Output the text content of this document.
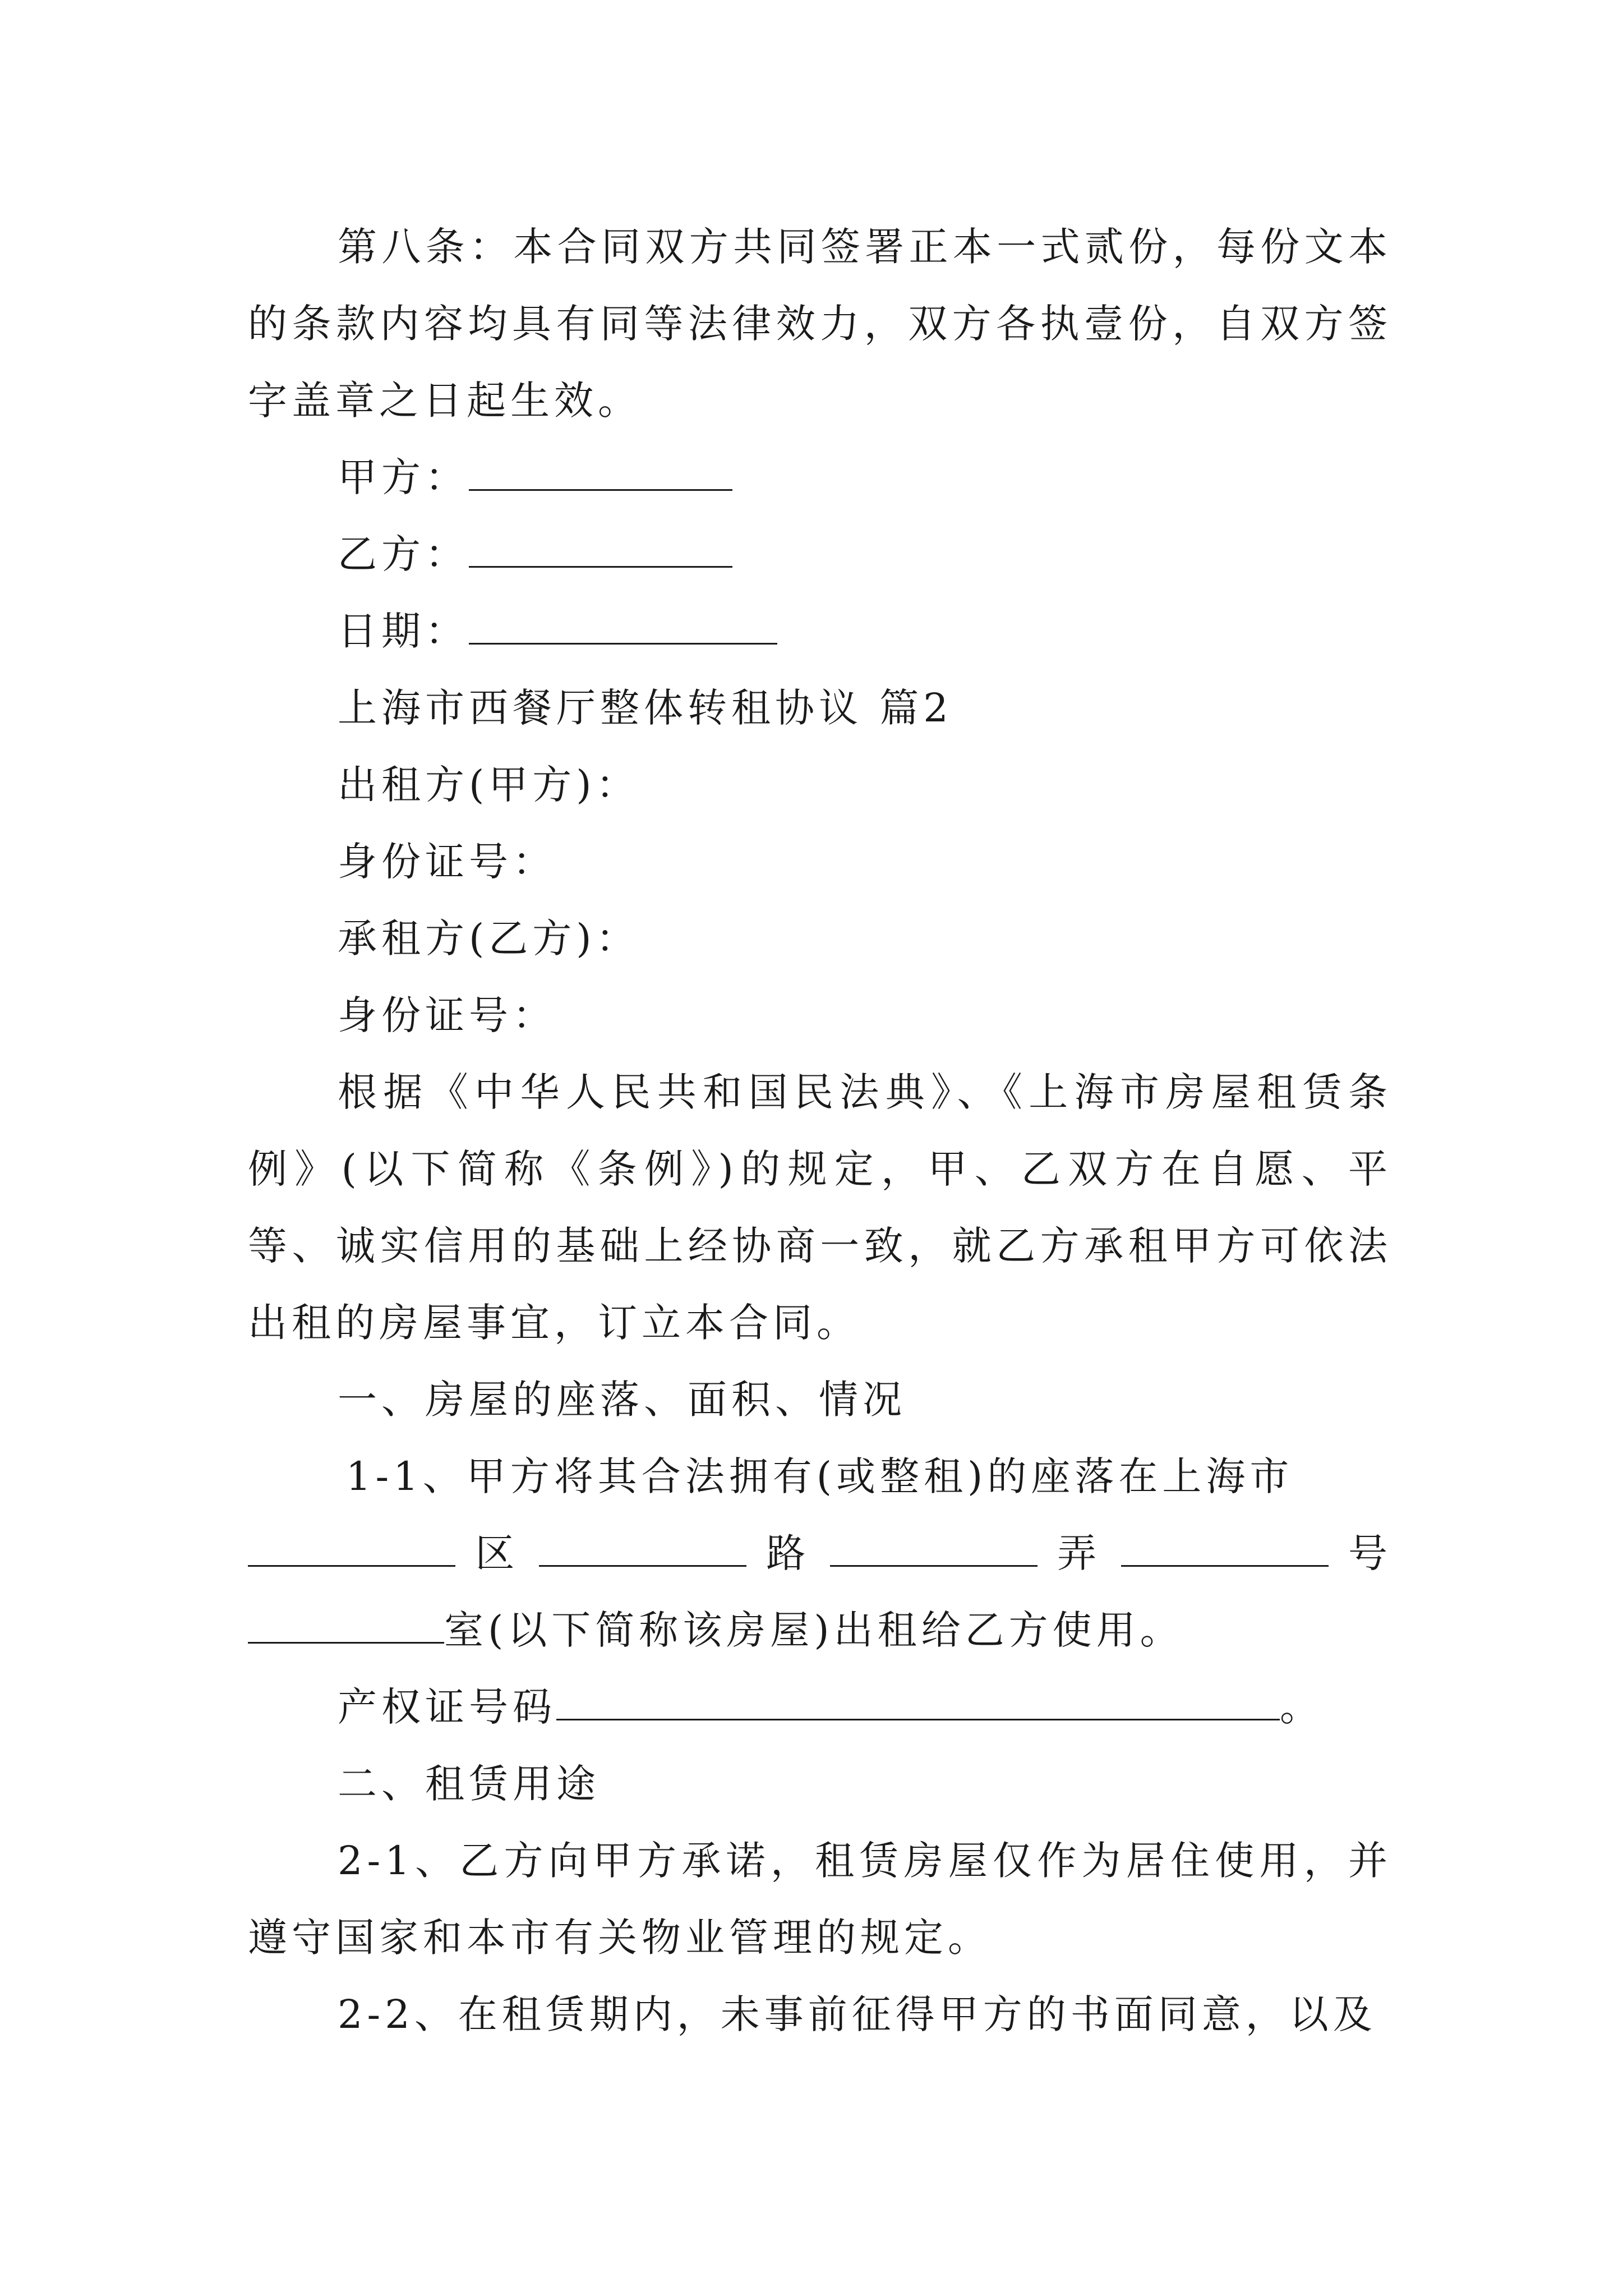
第八条：本合同双方共同签署正本一式贰份，每份文本的条款内容均具有同等法律效力，双方各执壹份，自双方签字盖章之日起生效。

甲方：

乙方：

日期：

上海市西餐厅整体转租协议 篇2

出租方(甲方)：

身份证号：

承租方(乙方)：

身份证号：

根据《中华人民共和国民法典》、《上海市房屋租赁条例》(以下简称《条例》)的规定，甲、乙双方在自愿、平等、诚实信用的基础上经协商一致，就乙方承租甲方可依法出租的房屋事宜，订立本合同。

一、房屋的座落、面积、情况

1-1、甲方将其合法拥有(或整租)的座落在上海市

区	路	弄	号

室(以下简称该房屋)出租给乙方使用。

产权证号码	。

二、租赁用途

2-1、乙方向甲方承诺，租赁房屋仅作为居住使用，并遵守国家和本市有关物业管理的规定。

2-2、在租赁期内，未事前征得甲方的书面同意，以及
